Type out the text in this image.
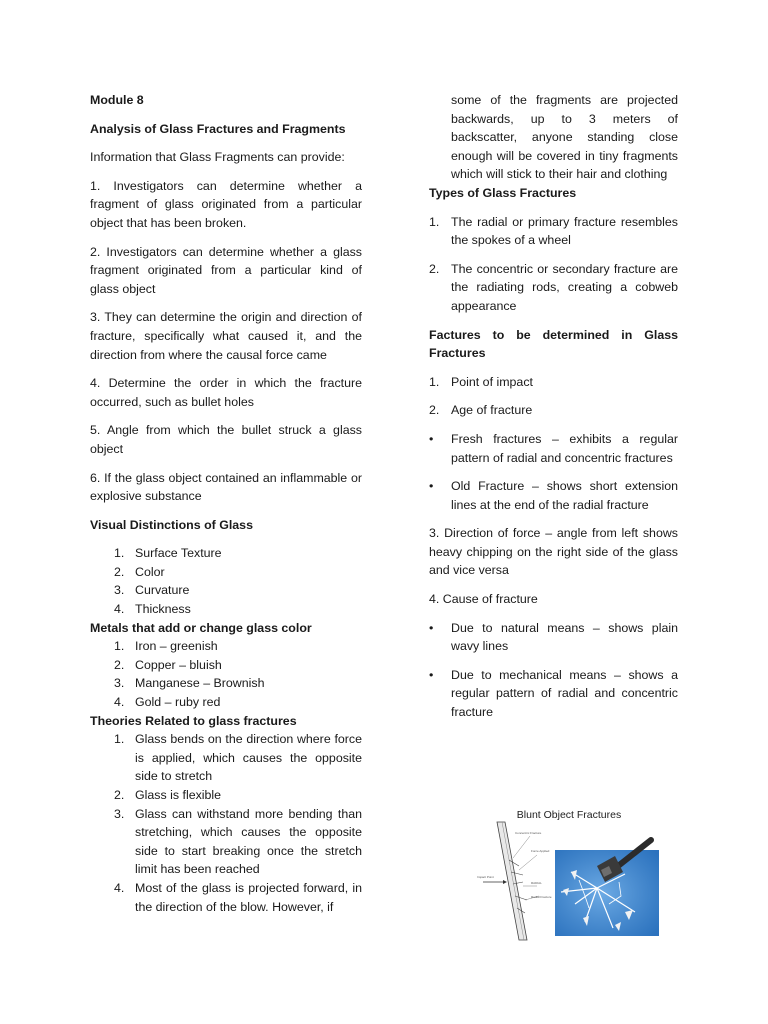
Module 8

Analysis of Glass Fractures and Fragments

Information that Glass Fragments can provide:

1. Investigators can determine whether a fragment of glass originated from a particular object that has been broken.

2. Investigators can determine whether a glass fragment originated from a particular kind of glass object

3. They can determine the origin and direction of fracture, specifically what caused it, and the direction from where the causal force came

4. Determine the order in which the fracture occurred, such as bullet holes

5. Angle from which the bullet struck a glass object

6. If the glass object contained an inflammable or explosive substance

Visual Distinctions of Glass

1. Surface Texture
2. Color
3. Curvature
4. Thickness

Metals that add or change glass color

1. Iron – greenish
2. Copper – bluish
3. Manganese – Brownish
4. Gold – ruby red

Theories Related to glass fractures

1. Glass bends on the direction where force is applied, which causes the opposite side to stretch
2. Glass is flexible
3. Glass can withstand more bending than stretching, which causes the opposite side to start breaking once the stretch limit has been reached
4. Most of the glass is projected forward, in the direction of the blow. However, if

some of the fragments are projected backwards, up to 3 meters of backscatter, anyone standing close enough will be covered in tiny fragments which will stick to their hair and clothing

Types of Glass Fractures

1. The radial or primary fracture resembles the spokes of a wheel
2. The concentric or secondary fracture are the radiating rods, creating a cobweb appearance

Factures to be determined in Glass Fractures

1. Point of impact
2. Age of fracture
• Fresh fractures – exhibits a regular pattern of radial and concentric fractures
• Old Fracture – shows short extension lines at the end of the radial fracture

3. Direction of force – angle from left shows heavy chipping on the right side of the glass and vice versa

4. Cause of fracture

• Due to natural means – shows plain wavy lines
• Due to mechanical means – shows a regular pattern of radial and concentric fracture
Concentric Fracture
Force Applied
RADIAL
Radial Fracture
Impact Point
Blunt Object Fractures
